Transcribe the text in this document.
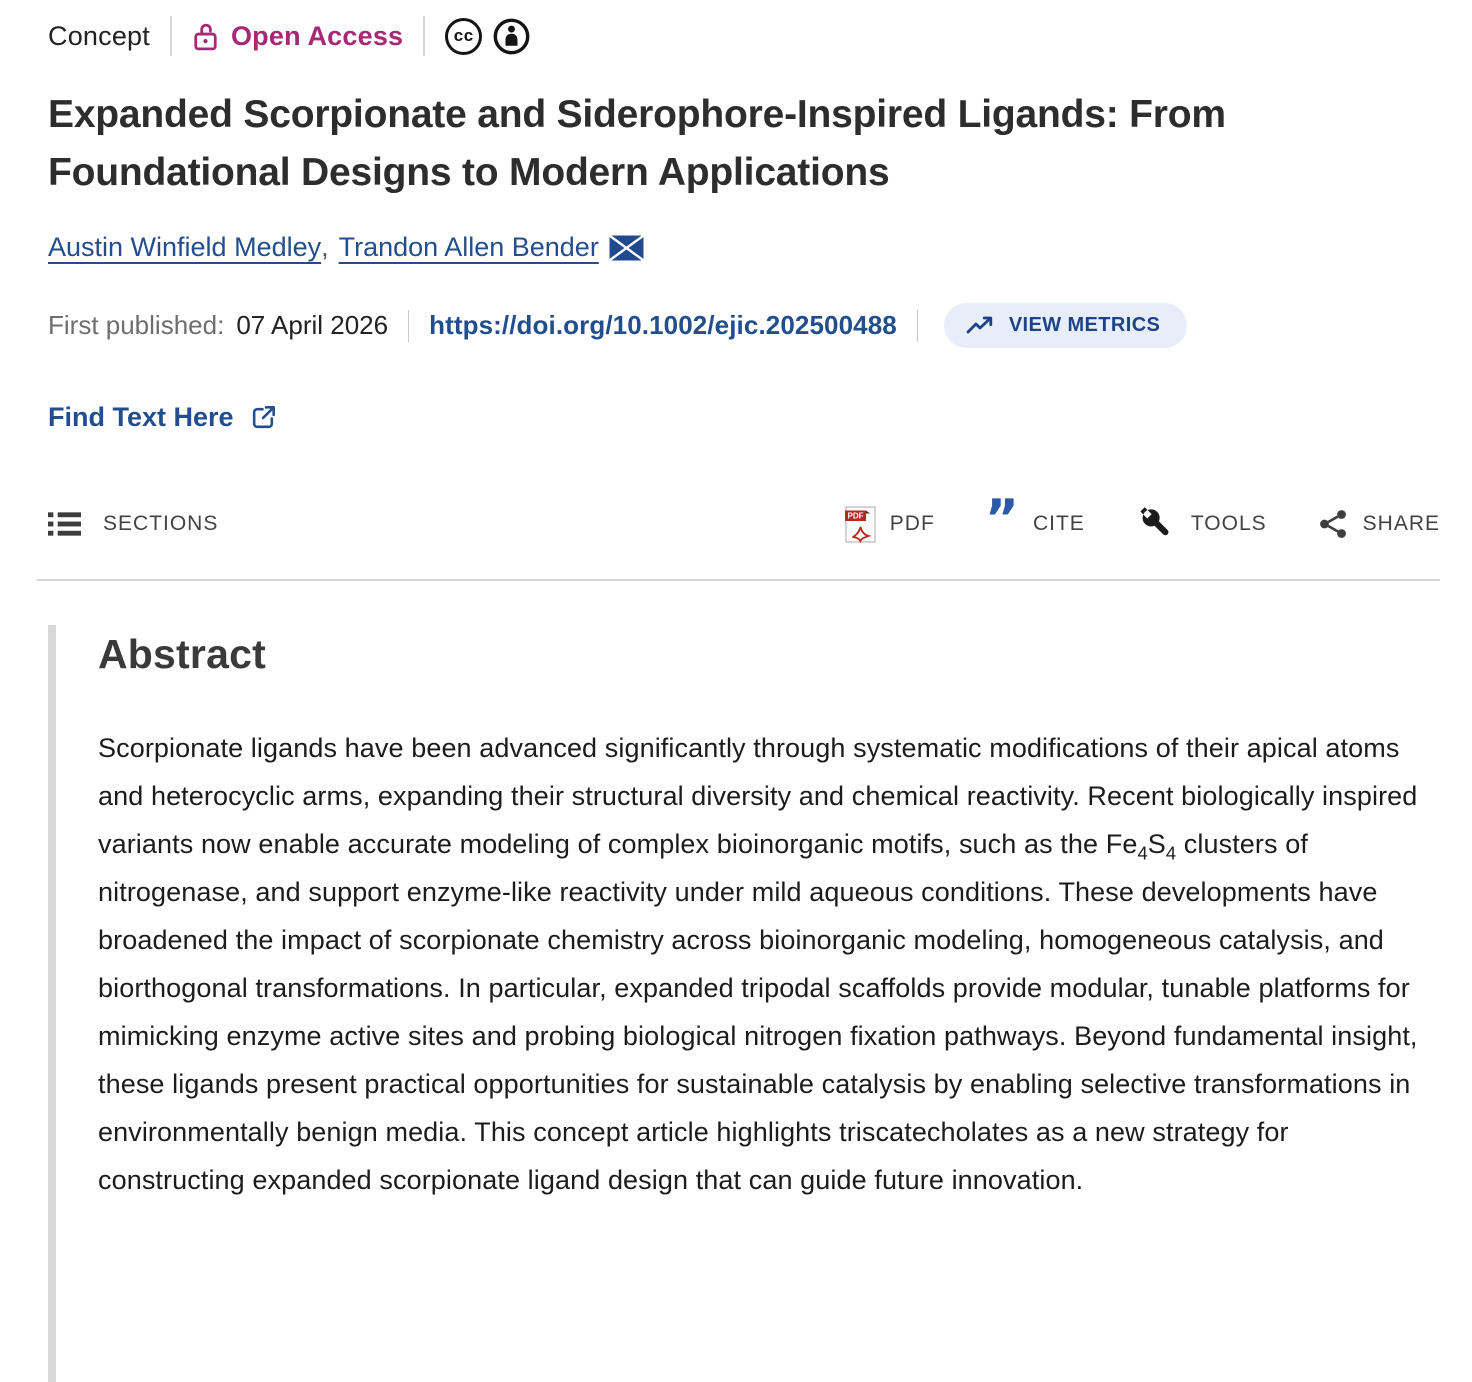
Concept	Open Access	cc
Expanded Scorpionate and Siderophore-Inspired Ligands: From Foundational Designs to Modern Applications
Austin Winfield Medley , Trandon Allen Bender
First published: 07 April 2026 https://doi.org/10.1002/ejic.202500488	VIEW METRICS
Find Text Here
SECTIONS	PDF PDF ” CITE	TOOLS	SHARE
Abstract

Scorpionate ligands have been advanced significantly through systematic modifications of their apical atoms and heterocyclic arms, expanding their structural diversity and chemical reactivity. Recent biologically inspired variants now enable accurate modeling of complex bioinorganic motifs, such as the $Fe_4S_4$ clusters of nitrogenase, and support enzyme-like reactivity under mild aqueous conditions. These developments have broadened the impact of scorpionate chemistry across bioinorganic modeling, homogeneous catalysis, and biorthogonal transformations. In particular, expanded tripodal scaffolds provide modular, tunable platforms for mimicking enzyme active sites and probing biological nitrogen fixation pathways. Beyond fundamental insight, these ligands present practical opportunities for sustainable catalysis by enabling selective transformations in environmentally benign media. This concept article highlights triscatecholates as a new strategy for constructing expanded scorpionate ligand design that can guide future innovation.
